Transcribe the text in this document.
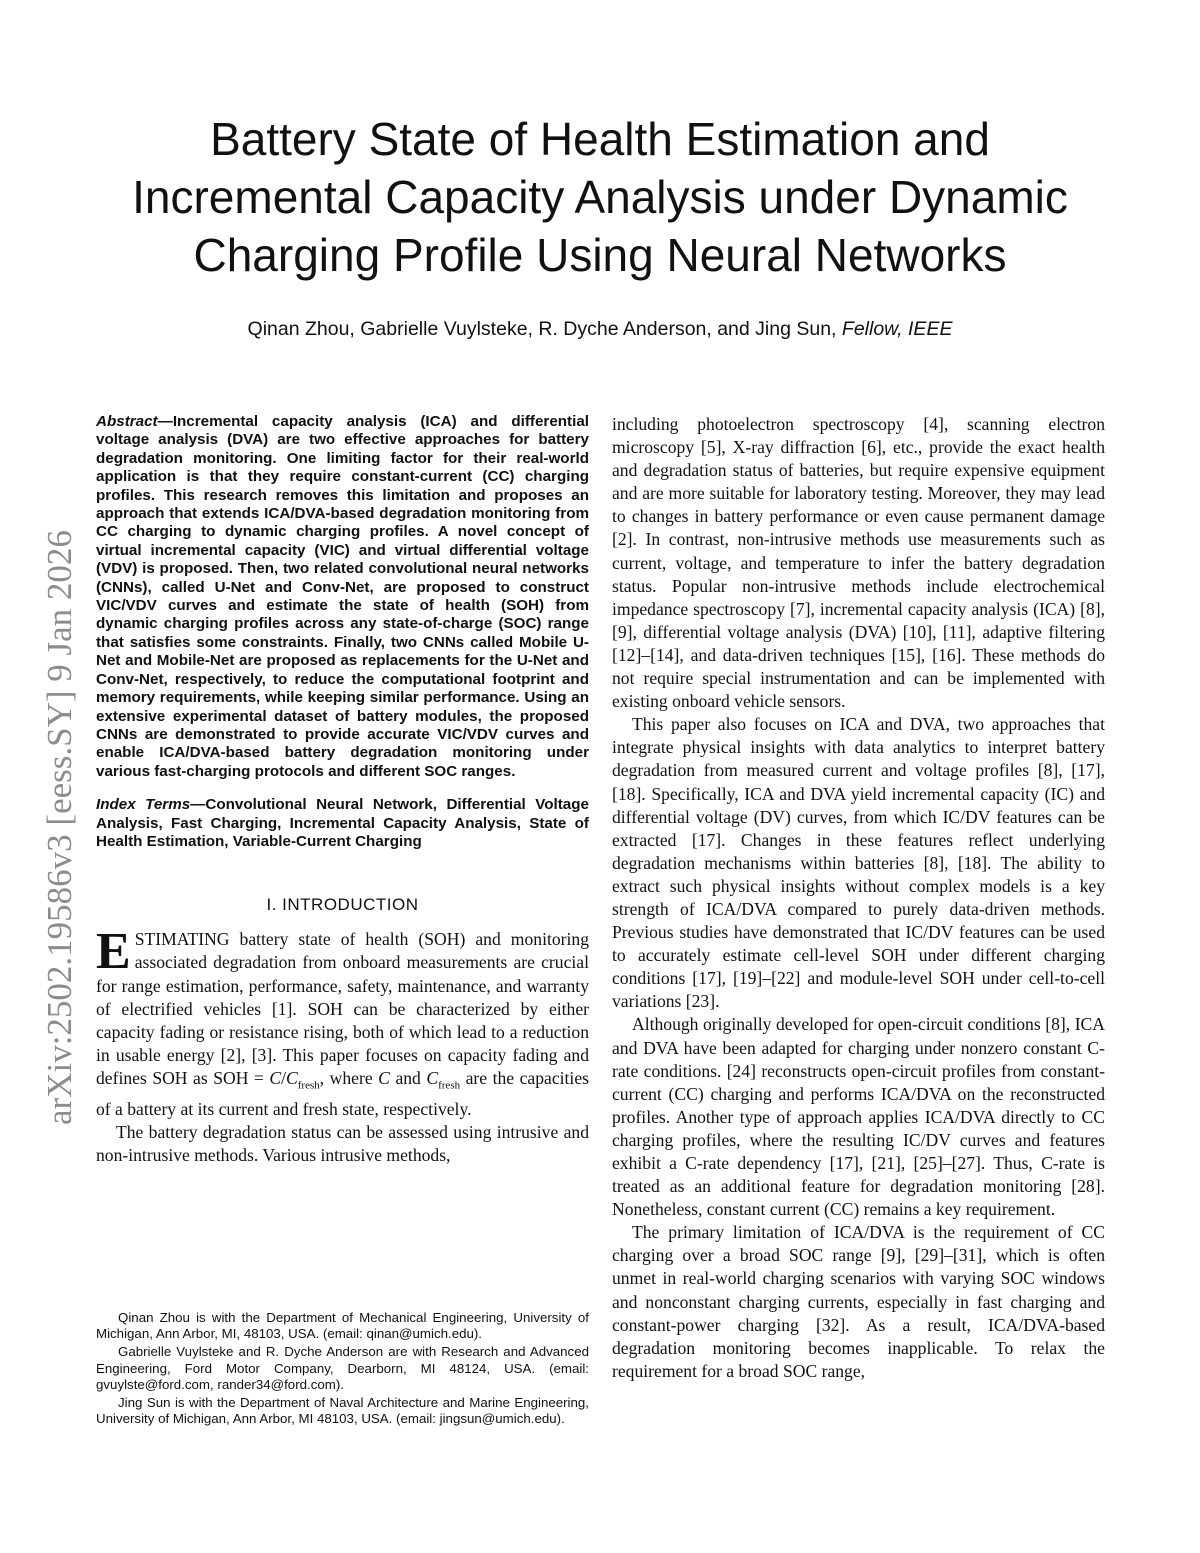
arXiv:2502.19586v3 [eess.SY] 9 Jan 2026
Battery State of Health Estimation and Incremental Capacity Analysis under Dynamic Charging Profile Using Neural Networks
Qinan Zhou, Gabrielle Vuylsteke, R. Dyche Anderson, and Jing Sun, Fellow, IEEE

Abstract—Incremental capacity analysis (ICA) and differential voltage analysis (DVA) are two effective approaches for battery degradation monitoring. One limiting factor for their real-world application is that they require constant-current (CC) charging profiles. This research removes this limitation and proposes an approach that extends ICA/DVA-based degradation monitoring from CC charging to dynamic charging profiles. A novel concept of virtual incremental capacity (VIC) and virtual differential voltage (VDV) is proposed. Then, two related convolutional neural networks (CNNs), called U-Net and Conv-Net, are proposed to construct VIC/VDV curves and estimate the state of health (SOH) from dynamic charging profiles across any state-of-charge (SOC) range that satisfies some constraints. Finally, two CNNs called Mobile U-Net and Mobile-Net are proposed as replacements for the U-Net and Conv-Net, respectively, to reduce the computational footprint and memory requirements, while keeping similar performance. Using an extensive experimental dataset of battery modules, the proposed CNNs are demonstrated to provide accurate VIC/VDV curves and enable ICA/DVA-based battery degradation monitoring under various fast-charging protocols and different SOC ranges.

Index Terms—Convolutional Neural Network, Differential Voltage Analysis, Fast Charging, Incremental Capacity Analysis, State of Health Estimation, Variable-Current Charging

I. INTRODUCTION

ESTIMATING battery state of health (SOH) and monitoring associated degradation from onboard measurements are crucial for range estimation, performance, safety, maintenance, and warranty of electrified vehicles [1]. SOH can be characterized by either capacity fading or resistance rising, both of which lead to a reduction in usable energy [2], [3]. This paper focuses on capacity fading and defines SOH as SOH = $C/C_{fresh}$, where C and $C_{fresh}$ are the capacities of a battery at its current and fresh state, respectively.

The battery degradation status can be assessed using intrusive and non-intrusive methods. Various intrusive methods,

Qinan Zhou is with the Department of Mechanical Engineering, University of Michigan, Ann Arbor, MI, 48103, USA. (email: qinan@umich.edu).

Gabrielle Vuylsteke and R. Dyche Anderson are with Research and Advanced Engineering, Ford Motor Company, Dearborn, MI 48124, USA. (email: gvuylste@ford.com, rander34@ford.com).

Jing Sun is with the Department of Naval Architecture and Marine Engineering, University of Michigan, Ann Arbor, MI 48103, USA. (email: jingsun@umich.edu).

including photoelectron spectroscopy [4], scanning electron microscopy [5], X-ray diffraction [6], etc., provide the exact health and degradation status of batteries, but require expensive equipment and are more suitable for laboratory testing. Moreover, they may lead to changes in battery performance or even cause permanent damage [2]. In contrast, non-intrusive methods use measurements such as current, voltage, and temperature to infer the battery degradation status. Popular non-intrusive methods include electrochemical impedance spectroscopy [7], incremental capacity analysis (ICA) [8], [9], differential voltage analysis (DVA) [10], [11], adaptive filtering [12]–[14], and data-driven techniques [15], [16]. These methods do not require special instrumentation and can be implemented with existing onboard vehicle sensors.

This paper also focuses on ICA and DVA, two approaches that integrate physical insights with data analytics to interpret battery degradation from measured current and voltage profiles [8], [17], [18]. Specifically, ICA and DVA yield incremental capacity (IC) and differential voltage (DV) curves, from which IC/DV features can be extracted [17]. Changes in these features reflect underlying degradation mechanisms within batteries [8], [18]. The ability to extract such physical insights without complex models is a key strength of ICA/DVA compared to purely data-driven methods. Previous studies have demonstrated that IC/DV features can be used to accurately estimate cell-level SOH under different charging conditions [17], [19]–[22] and module-level SOH under cell-to-cell variations [23].

Although originally developed for open-circuit conditions [8], ICA and DVA have been adapted for charging under nonzero constant C-rate conditions. [24] reconstructs open-circuit profiles from constant-current (CC) charging and performs ICA/DVA on the reconstructed profiles. Another type of approach applies ICA/DVA directly to CC charging profiles, where the resulting IC/DV curves and features exhibit a C-rate dependency [17], [21], [25]–[27]. Thus, C-rate is treated as an additional feature for degradation monitoring [28]. Nonetheless, constant current (CC) remains a key requirement.

The primary limitation of ICA/DVA is the requirement of CC charging over a broad SOC range [9], [29]–[31], which is often unmet in real-world charging scenarios with varying SOC windows and nonconstant charging currents, especially in fast charging and constant-power charging [32]. As a result, ICA/DVA-based degradation monitoring becomes inapplicable. To relax the requirement for a broad SOC range,
